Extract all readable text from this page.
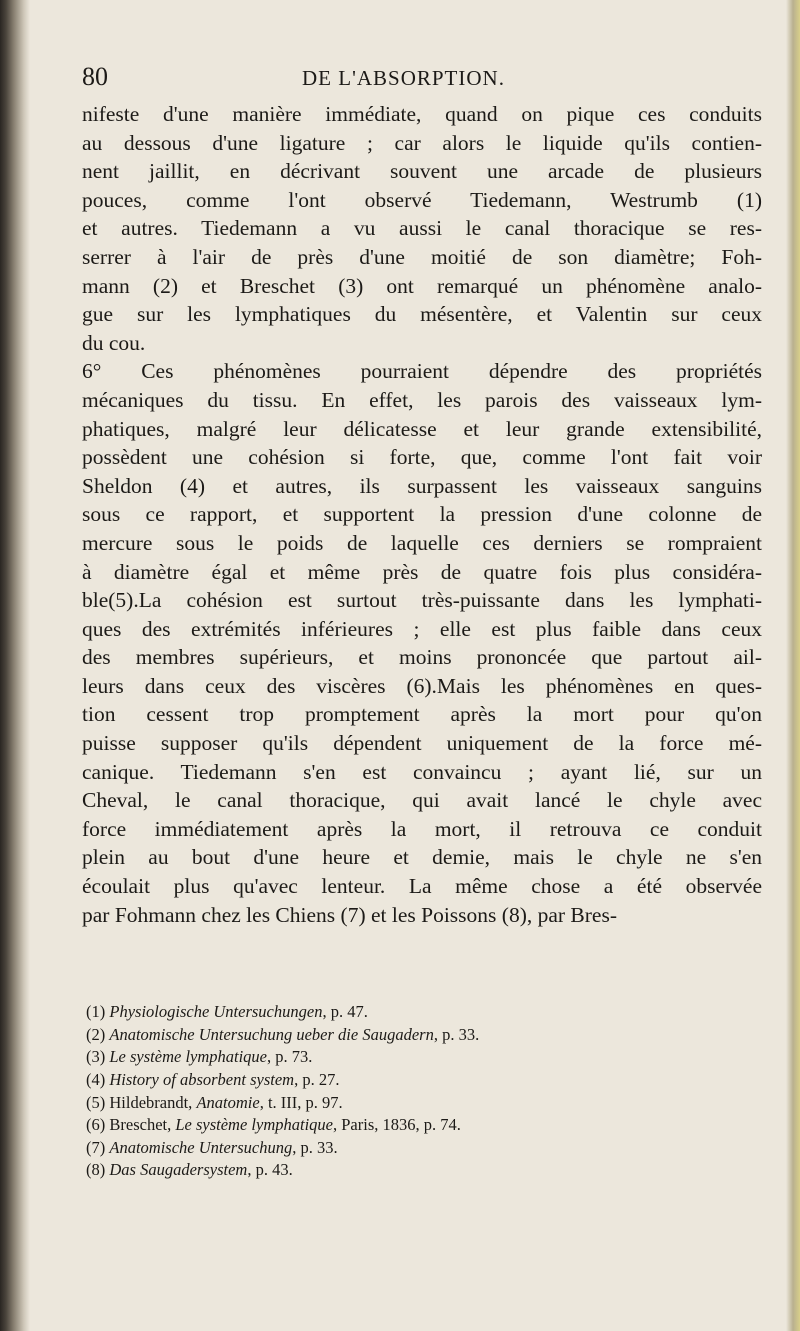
80	DE L'ABSORPTION.
nifeste d'une manière immédiate, quand on pique ces conduits
au dessous d'une ligature ; car alors le liquide qu'ils contien-
nent jaillit, en décrivant souvent une arcade de plusieurs
pouces, comme l'ont observé Tiedemann, Westrumb (1)
et autres. Tiedemann a vu aussi le canal thoracique se res-
serrer à l'air de près d'une moitié de son diamètre; Foh-
mann (2) et Breschet (3) ont remarqué un phénomène analo-
gue sur les lymphatiques du mésentère, et Valentin sur ceux
du cou.
6° Ces phénomènes pourraient dépendre des propriétés
mécaniques du tissu. En effet, les parois des vaisseaux lym-
phatiques, malgré leur délicatesse et leur grande extensibilité,
possèdent une cohésion si forte, que, comme l'ont fait voir
Sheldon (4) et autres, ils surpassent les vaisseaux sanguins
sous ce rapport, et supportent la pression d'une colonne de
mercure sous le poids de laquelle ces derniers se rompraient
à diamètre égal et même près de quatre fois plus considéra-
ble(5).La cohésion est surtout très-puissante dans les lymphati-
ques des extrémités inférieures ; elle est plus faible dans ceux
des membres supérieurs, et moins prononcée que partout ail-
leurs dans ceux des viscères (6).Mais les phénomènes en ques-
tion cessent trop promptement après la mort pour qu'on
puisse supposer qu'ils dépendent uniquement de la force mé-
canique. Tiedemann s'en est convaincu ; ayant lié, sur un
Cheval, le canal thoracique, qui avait lancé le chyle avec
force immédiatement après la mort, il retrouva ce conduit
plein au bout d'une heure et demie, mais le chyle ne s'en
écoulait plus qu'avec lenteur. La même chose a été observée
par Fohmann chez les Chiens (7) et les Poissons (8), par Bres-
(1) Physiologische Untersuchungen, p. 47.
(2) Anatomische Untersuchung ueber die Saugadern, p. 33.
(3) Le système lymphatique, p. 73.
(4) History of absorbent system, p. 27.
(5) Hildebrandt, Anatomie, t. III, p. 97.
(6) Breschet, Le système lymphatique, Paris, 1836, p. 74.
(7) Anatomische Untersuchung, p. 33.
(8) Das Saugadersystem, p. 43.
